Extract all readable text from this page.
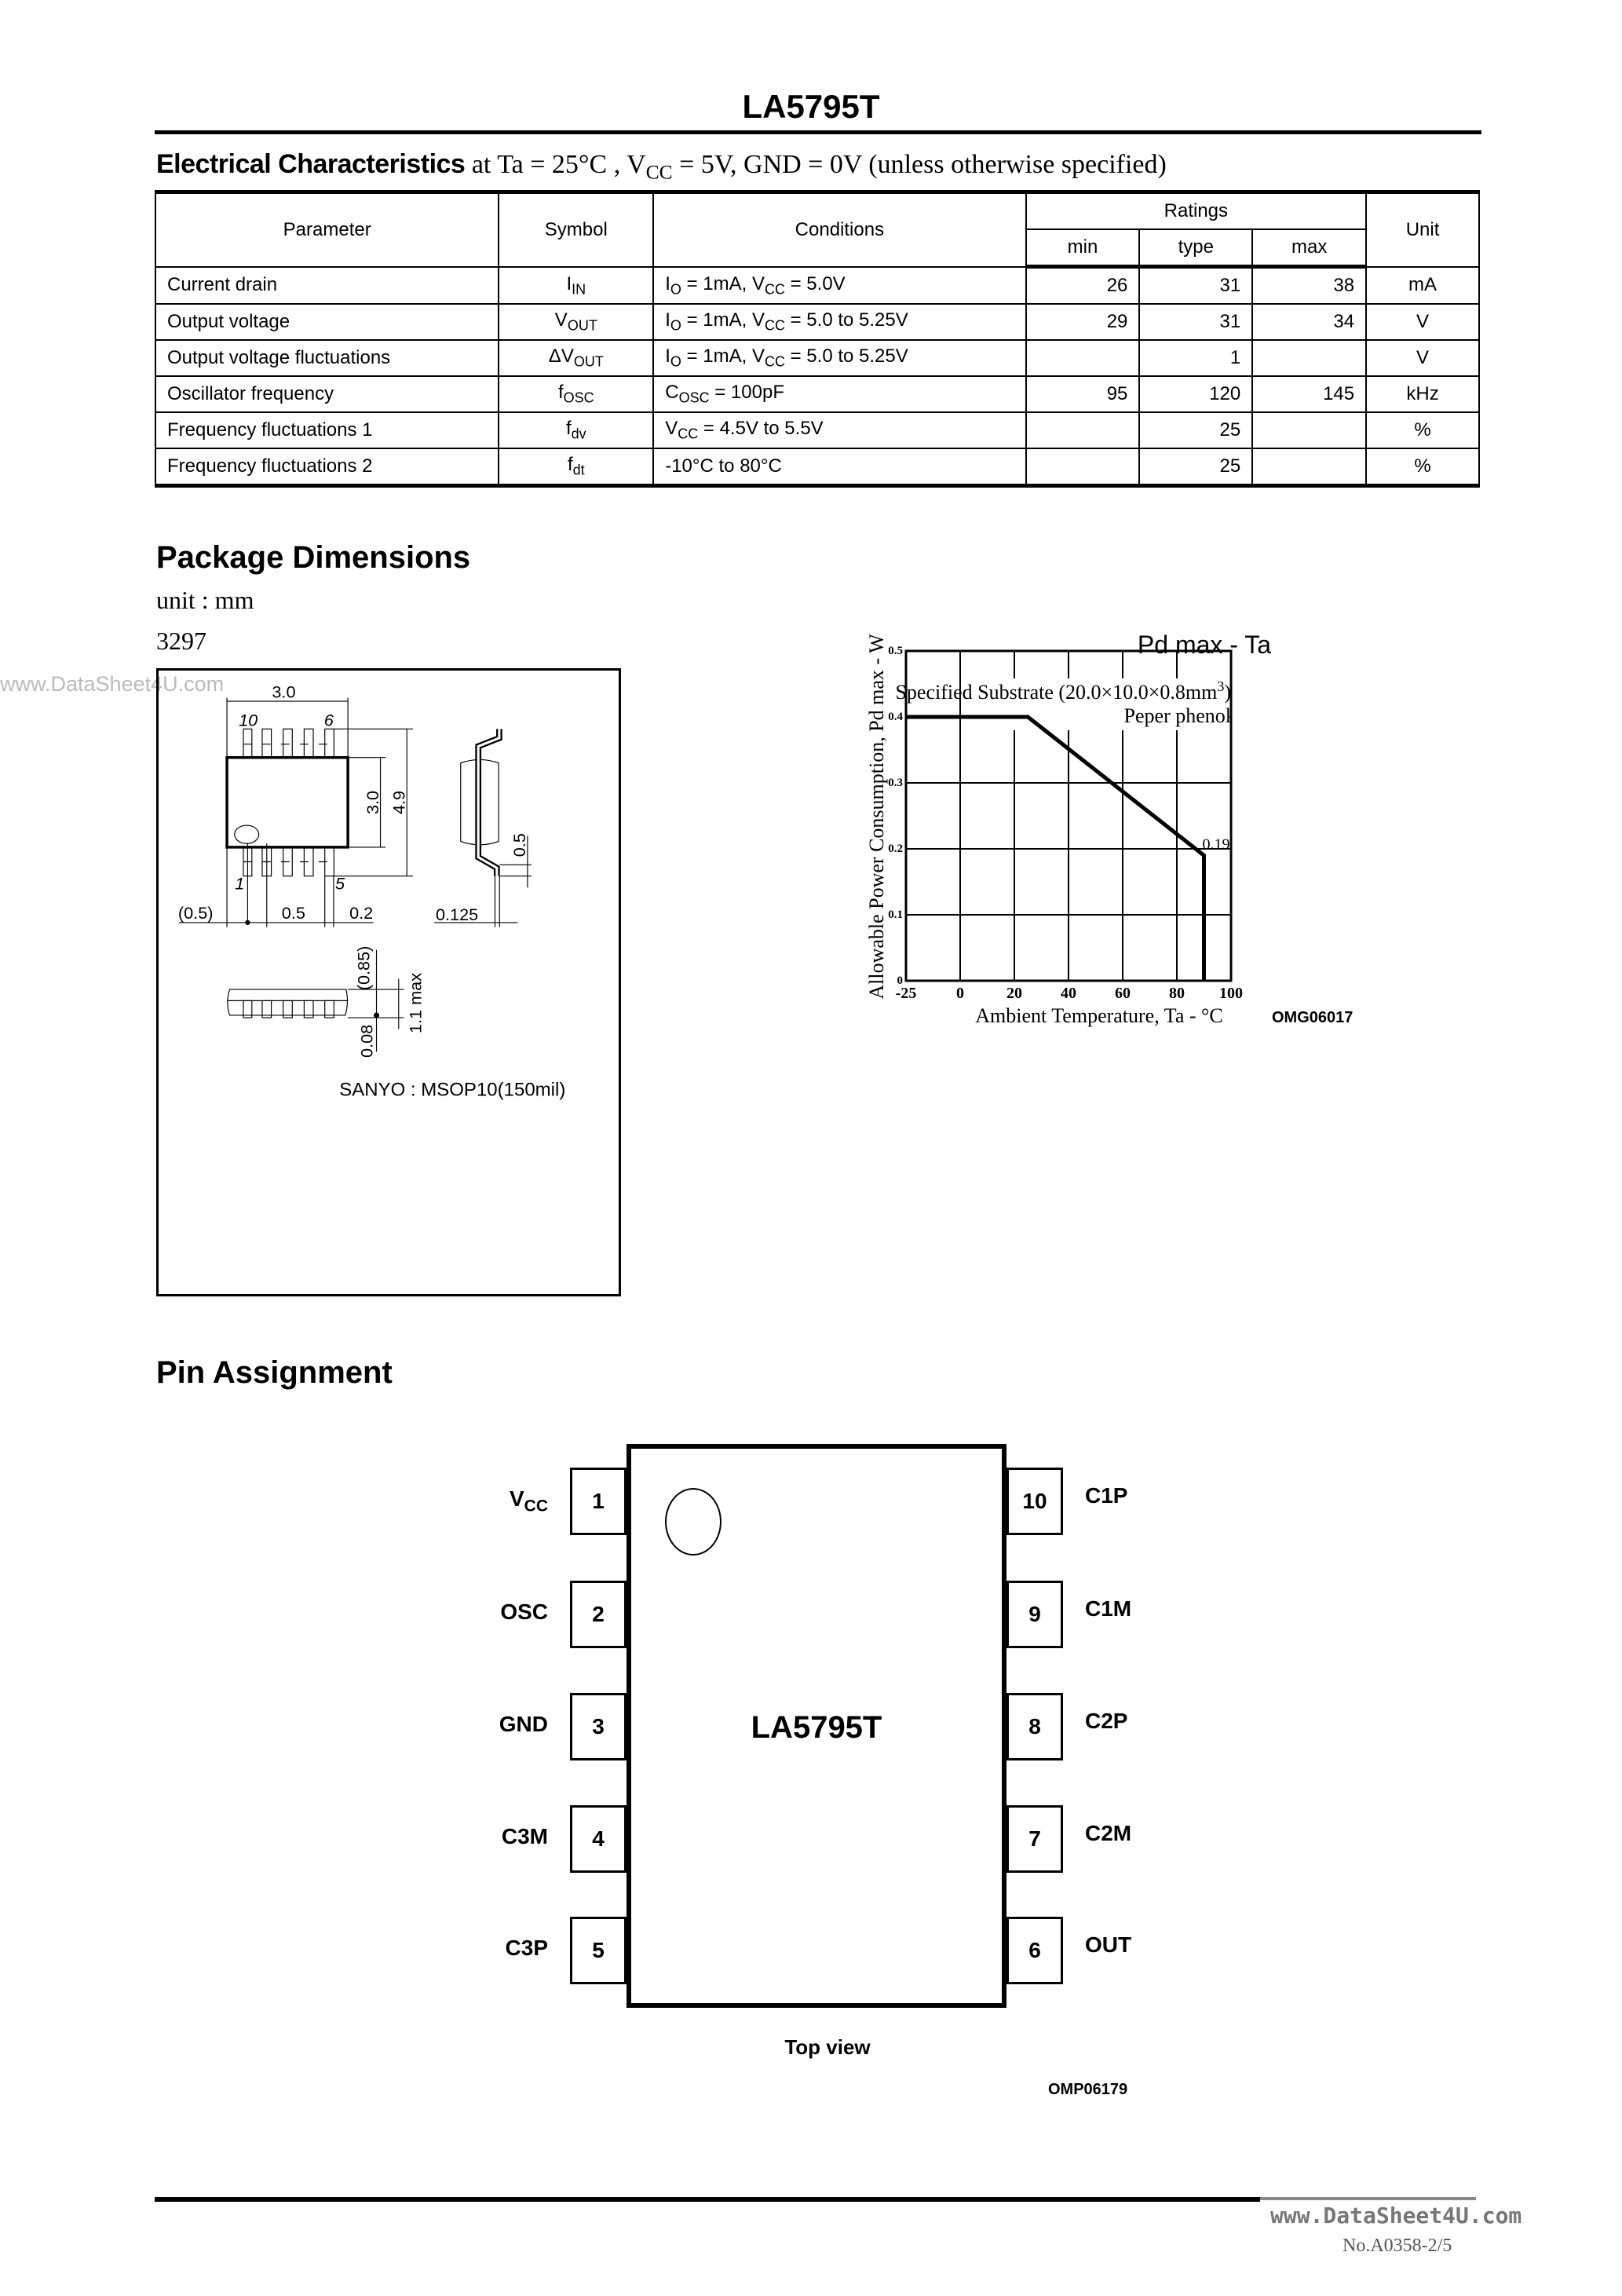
LA5795T
Electrical Characteristics at Ta = 25°C , $V_{CC} = 5V$, GND = 0V (unless otherwise specified)
Parameter	Symbol	Conditions	Ratings			Unit
			min	type	max	
Current drain	$I_{IN}$	$I_O = 1mA$, $V_{CC} = 5.0V$	26	31	38	mA
Output voltage	$V_{OUT}$	$I_O = 1mA$, $V_{CC} = 5.0$ to 5.25V	29	31	34	V
Output voltage fluctuations	$\Delta V_{OUT}$	$I_O = 1mA$, $V_{CC} = 5.0$ to 5.25V		1		V
Oscillator frequency	$f_{OSC}$	$C_{OSC} = 100pF$	95	120	145	kHz
Frequency fluctuations 1	$f_{dv}$	$V_{CC} = 4.5V$ to 5.5V		25		%
Frequency fluctuations 2	$f_{dt}$	-10°C to 80°C		25		%
Package Dimensions
unit : mm
3297
www.DataSheet4U.com 3.0
10 6
1 5
3.0 4.9
(0.5) 0.5 0.2
0.5
0.125
(0.85)
1.1 max
0.08
SANYO : MSOP10(150mil)
Pd max - Ta
Specified Substrate $(20.0\times 10.0\times 0.8mm^3)$
Peper phenol
0.19
-25	0	20 40 60 80 100
0
0.1
0.2
0.3
0.4
0.5
Ambient Temperature, Ta - °C	OMG06017
Allowable Power Consumption, Pd max - W
Pin Assignment
LA5795T
1
$V_{CC}$
2
OSC
3
GND
4
C3M
5
C3P
10	C1P
9	C1M
8	C2P
7	C2M
6	OUT
Top view
OMP06179
www.DataSheet4U.com
No.A0358-2/5
